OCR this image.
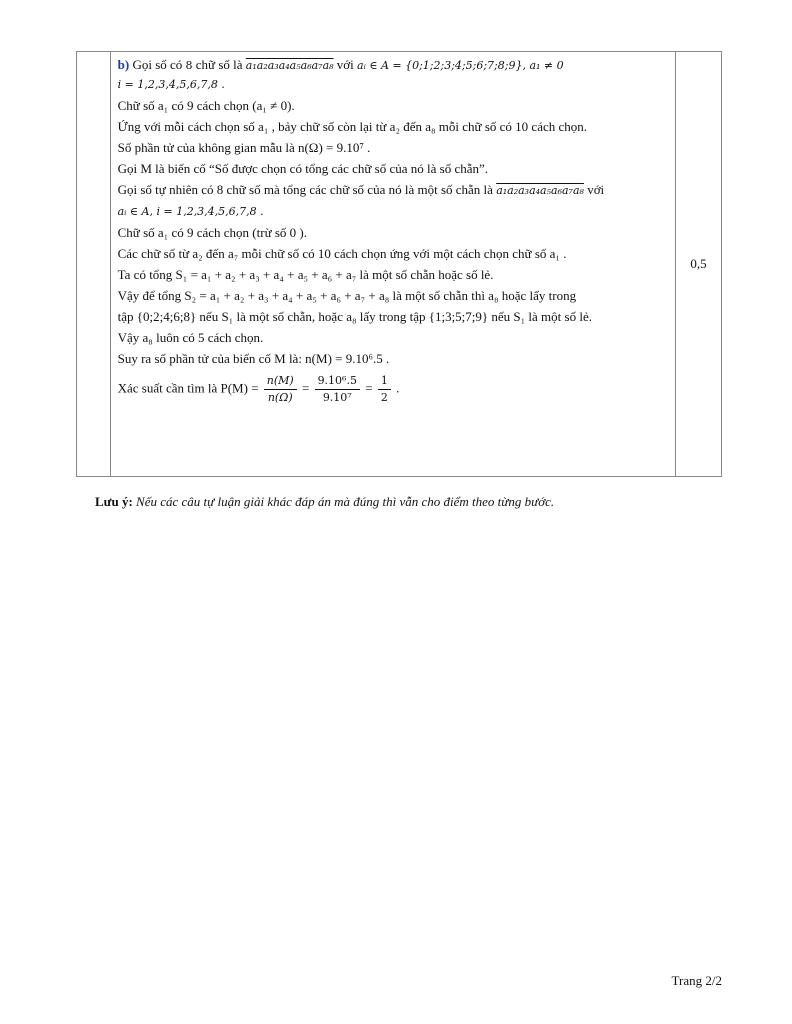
b) Gọi số có 8 chữ số là a₁a₂a₃a₄a₅a₆a₇a₈ với aᵢ ∈ A = {0;1;2;3;4;5;6;7;8;9}, a₁ ≠ 0
i = 1,2,3,4,5,6,7,8 .
Chữ số a₁ có 9 cách chọn (a₁ ≠ 0).
Ứng với mỗi cách chọn số a₁ , bảy chữ số còn lại từ a₂ đến a₈ mỗi chữ số có 10 cách chọn.
Số phần tử của không gian mẫu là n(Ω) = 9.10⁷ .
Gọi M là biến cố “Số được chọn có tổng các chữ số của nó là số chẵn”.
Gọi số tự nhiên có 8 chữ số mà tổng các chữ số của nó là một số chẵn là a₁a₂a₃a₄a₅a₆a₇a₈ với
aᵢ ∈ A, i = 1,2,3,4,5,6,7,8 .
Chữ số a₁ có 9 cách chọn (trừ số 0 ).
Các chữ số từ a₂ đến a₇ mỗi chữ số có 10 cách chọn ứng với một cách chọn chữ số a₁ .
Ta có tổng S₁ = a₁ + a₂ + a₃ + a₄ + a₅ + a₆ + a₇ là một số chẵn hoặc số lẻ.
Vậy để tổng S₂ = a₁ + a₂ + a₃ + a₄ + a₅ + a₆ + a₇ + a₈ là một số chẵn thì a₈ hoặc lấy trong
tập {0;2;4;6;8} nếu S₁ là một số chẵn, hoặc a₈ lấy trong tập {1;3;5;7;9} nếu S₁ là một số lẻ.
Vậy a₈ luôn có 5 cách chọn.
Suy ra số phần tử của biến cố M là: n(M) = 9.10⁶.5 .
Xác suất cần tìm là $P(M) = \frac{n(M)}{n(\Omega)} = \frac{\text{9.10⁶.5}}{\text{9.10⁷}} = \frac{1}{2}$ .
	0,5
Lưu ý: Nếu các câu tự luận giải khác đáp án mà đúng thì vẫn cho điểm theo từng bước.
Trang 2/2
